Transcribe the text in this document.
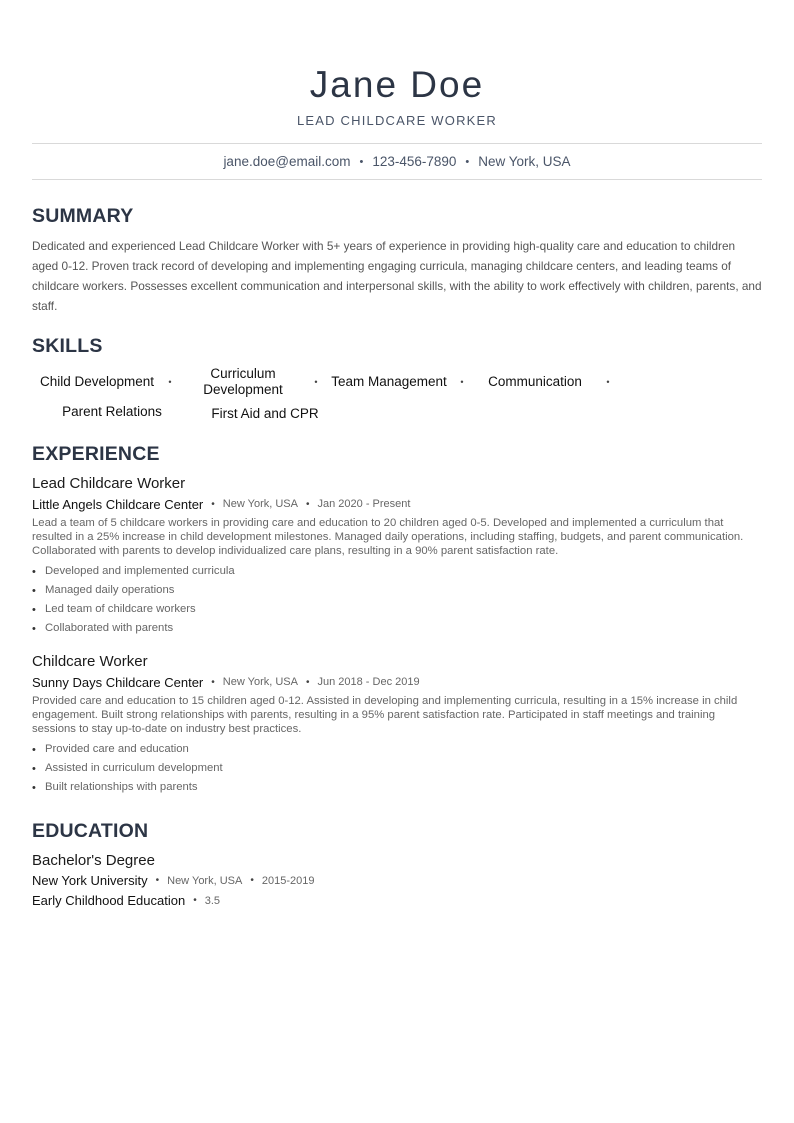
Jane Doe
LEAD CHILDCARE WORKER
jane.doe@email.com • 123-456-7890 • New York, USA
SUMMARY
Dedicated and experienced Lead Childcare Worker with 5+ years of experience in providing high-quality care and education to children aged 0-12. Proven track record of developing and implementing engaging curricula, managing childcare centers, and leading teams of childcare workers. Possesses excellent communication and interpersonal skills, with the ability to work effectively with children, parents, and staff.
SKILLS
Child Development	•
Curriculum Development	•	Team Management	•	Communication	•
Parent Relations	First Aid and CPR
EXPERIENCE
Lead Childcare Worker
Little Angels Childcare Center • New York, USA • Jan 2020 - Present
Lead a team of 5 childcare workers in providing care and education to 20 children aged 0-5. Developed and implemented a curriculum that resulted in a 25% increase in child development milestones. Managed daily operations, including staffing, budgets, and parent communication. Collaborated with parents to develop individualized care plans, resulting in a 90% parent satisfaction rate.
• Developed and implemented curricula
• Managed daily operations
• Led team of childcare workers
• Collaborated with parents
Childcare Worker
Sunny Days Childcare Center • New York, USA • Jun 2018 - Dec 2019
Provided care and education to 15 children aged 0-12. Assisted in developing and implementing curricula, resulting in a 15% increase in child engagement. Built strong relationships with parents, resulting in a 95% parent satisfaction rate. Participated in staff meetings and training sessions to stay up-to-date on industry best practices.
• Provided care and education
• Assisted in curriculum development
• Built relationships with parents
EDUCATION
Bachelor's Degree
New York University • New York, USA • 2015-2019
Early Childhood Education • 3.5
